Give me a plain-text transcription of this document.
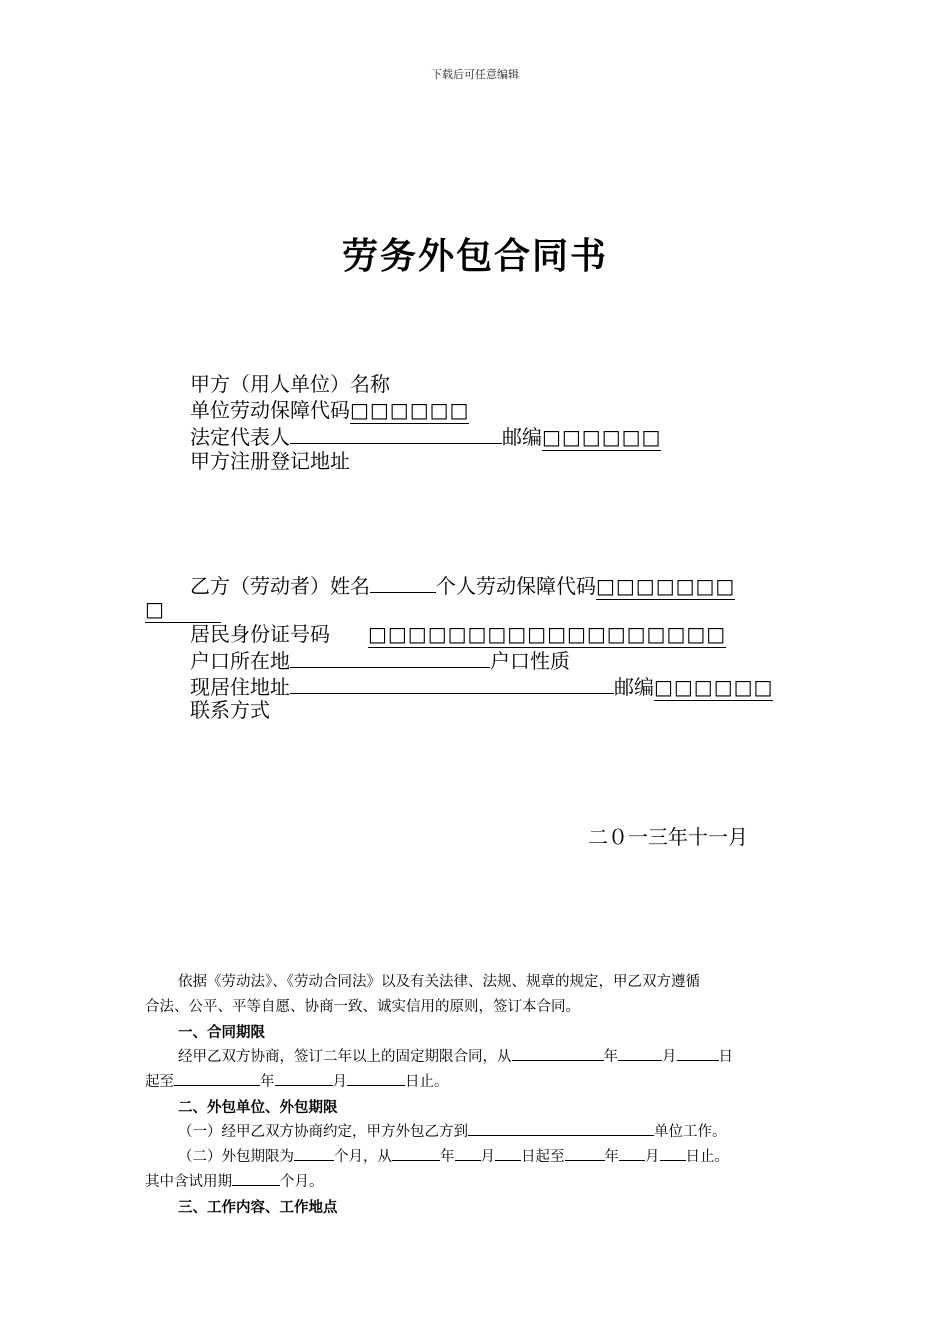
下载后可任意编辑
劳务外包合同书
甲方（用人单位）名称
单位劳动保障代码□□□□□□
法定代表人	邮编□□□□□□
甲方注册登记地址
乙方（劳动者）姓名	个人劳动保障代码□□□□□□□
□
居民身份证号码 □□□□□□□□□□□□□□□□□□
户口所在地	户口性质
现居住地址	邮编□□□□□□
联系方式
二０一三年十一月
依据《劳动法》、《劳动合同法》以及有关法律、法规、规章的规定，甲乙双方遵循
合法、公平、平等自愿、协商一致、诚实信用的原则，签订本合同。
一、合同期限
经甲乙双方协商，签订二年以上的固定期限合同，从	年	月	日
起至	年	月	日止。
二、外包单位、外包期限
（一）经甲乙双方协商约定，甲方外包乙方到	单位工作。
（二）外包期限为	个月，从	年 月 日起至	年 月 日止。
其中含试用期	个月。
三、工作内容、工作地点
